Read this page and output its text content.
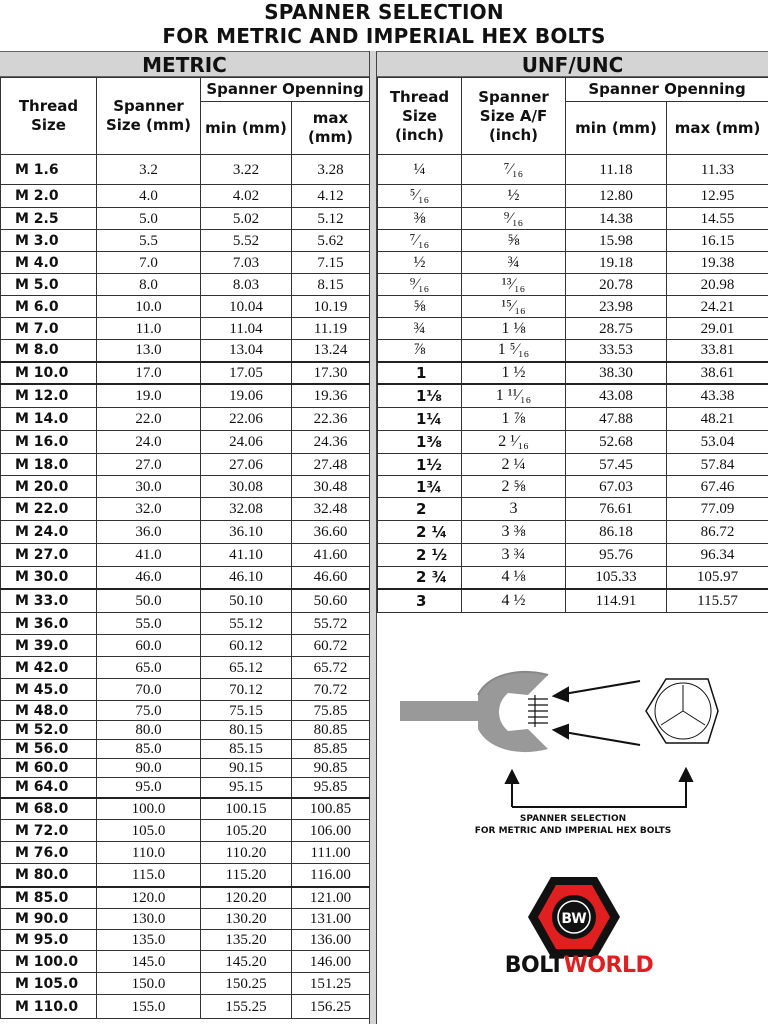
SPANNER SELECTION
FOR METRIC AND IMPERIAL HEX BOLTS
METRIC	UNF/UNC
Thread Size	Spanner Size (mm)	Spanner Openning	
		min (mm)	max (mm)
M 1.6	3.2	3.22	3.28
M 2.0	4.0	4.02	4.12
M 2.5	5.0	5.02	5.12
M 3.0	5.5	5.52	5.62
M 4.0	7.0	7.03	7.15
M 5.0	8.0	8.03	8.15
M 6.0	10.0	10.04	10.19
M 7.0	11.0	11.04	11.19
M 8.0	13.0	13.04	13.24
M 10.0	17.0	17.05	17.30
M 12.0	19.0	19.06	19.36
M 14.0	22.0	22.06	22.36
M 16.0	24.0	24.06	24.36
M 18.0	27.0	27.06	27.48
M 20.0	30.0	30.08	30.48
M 22.0	32.0	32.08	32.48
M 24.0	36.0	36.10	36.60
M 27.0	41.0	41.10	41.60
M 30.0	46.0	46.10	46.60
M 33.0	50.0	50.10	50.60
M 36.0	55.0	55.12	55.72
M 39.0	60.0	60.12	60.72
M 42.0	65.0	65.12	65.72
M 45.0	70.0	70.12	70.72
M 48.0	75.0	75.15	75.85
M 52.0	80.0	80.15	80.85
M 56.0	85.0	85.15	85.85
M 60.0	90.0	90.15	90.85
M 64.0	95.0	95.15	95.85
M 68.0	100.0	100.15	100.85
M 72.0	105.0	105.20	106.00
M 76.0	110.0	110.20	111.00
M 80.0	115.0	115.20	116.00
M 85.0	120.0	120.20	121.00
M 90.0	130.0	130.20	131.00
M 95.0	135.0	135.20	136.00
M 100.0	145.0	145.20	146.00
M 105.0	150.0	150.25	151.25
M 110.0	155.0	155.25	156.25
Thread Size (inch)	Spanner Size A/F (inch)	Spanner Openning	
		min (mm)	max (mm)
¼	⁷⁄₁₆	11.18	11.33
⁵⁄₁₆	½	12.80	12.95
⅜	⁹⁄₁₆	14.38	14.55
⁷⁄₁₆	⅝	15.98	16.15
½	¾	19.18	19.38
⁹⁄₁₆	¹³⁄₁₆	20.78	20.98
⅝	¹⁵⁄₁₆	23.98	24.21
¾	1 ⅛	28.75	29.01
⅞	1 ⁵⁄₁₆	33.53	33.81
1	1 ½	38.30	38.61
1⅛	1 ¹¹⁄₁₆	43.08	43.38
1¼	1 ⅞	47.88	48.21
1⅜	2 ¹⁄₁₆	52.68	53.04
1½	2 ¼	57.45	57.84
1¾	2 ⅝	67.03	67.46
2	3	76.61	77.09
2 ¼	3 ⅜	86.18	86.72
2 ½	3 ¾	95.76	96.34
2 ¾	4 ⅛	105.33	105.97
3	4 ½	114.91	115.57
BW
SPANNER SELECTION
FOR METRIC AND IMPERIAL HEX BOLTS
BOLTWORLD
